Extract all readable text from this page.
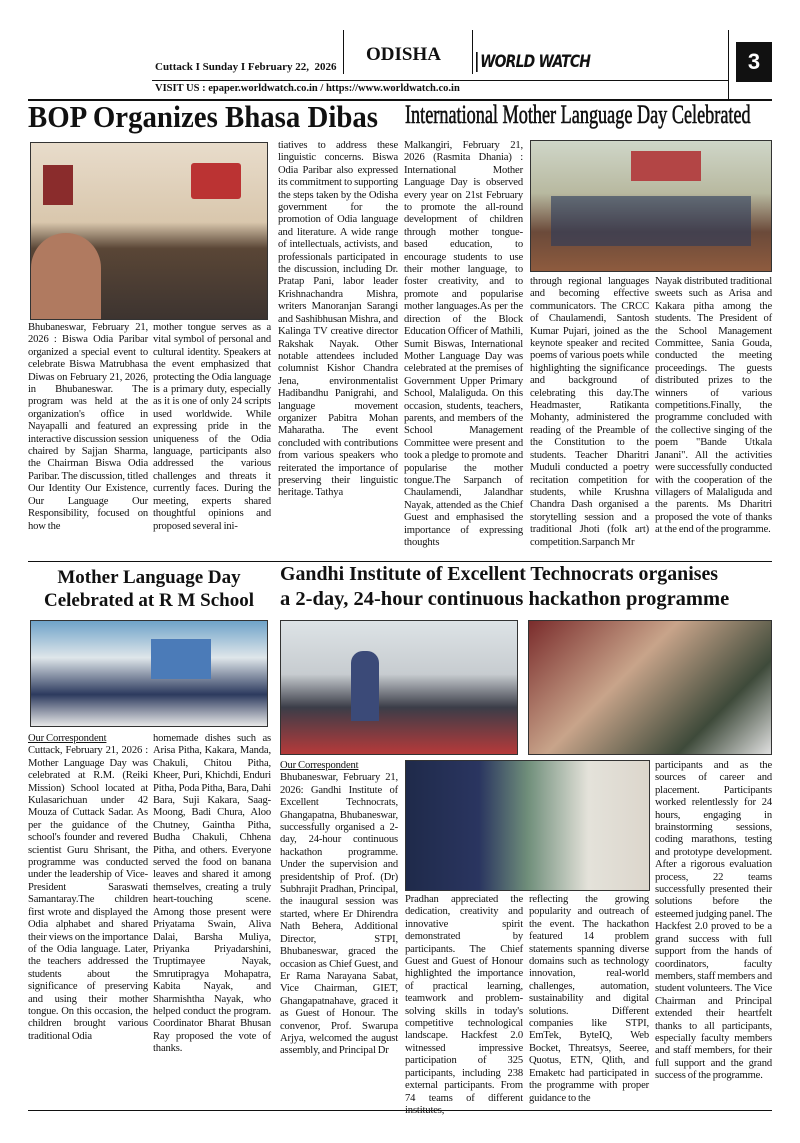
Cuttack I Sunday I February 22,  2026
ODISHA WORLD WATCH	3
VISIT US : epaper.worldwatch.co.in / https://www.worldwatch.co.in
BOP Organizes Bhasa Dibas
Bhubaneswar, February 21, 2026 : Biswa Odia Paribar organized a special event to celebrate Biswa Matrubhasa Diwas on February 21, 2026, in Bhubaneswar. The program was held at the organization's office in Nayapalli and featured an interactive discussion session chaired by Sajjan Sharma, the Chairman Biswa Odia Paribar. The discussion, titled Our Identity Our Existence, Our Language Our Responsibility, focused on how the
mother tongue serves as a vital symbol of personal and cultural identity. Speakers at the event emphasized that protecting the Odia language is a primary duty, especially as it is one of only 24 scripts used worldwide. While expressing pride in the uniqueness of the Odia language, participants also addressed the various challenges and threats it currently faces. During the meeting, experts shared thoughtful opinions and proposed several ini-
tiatives to address these linguistic concerns. Biswa Odia Paribar also expressed its commitment to supporting the steps taken by the Odisha government for the promotion of Odia language and literature. A wide range of intellectuals, activists, and professionals participated in the discussion, including Dr. Pratap Pani, labor leader Krishnachandra Mishra, writers Manoranjan Sarangi and Sashibhusan Mishra, and Kalinga TV creative director Rakshak Nayak. Other notable attendees included columnist Kishor Chandra Jena, environmentalist Hadibandhu Panigrahi, and language movement organizer Pabitra Mohan Maharatha. The event concluded with contributions from various speakers who reiterated the importance of preserving their linguistic heritage. Tathya
International Mother Language Day Celebrated
Malkangiri, February 21, 2026 (Rasmita Dhania) : International Mother Language Day is observed every year on 21st February to promote the all-round development of children through mother tongue-based education, to encourage students to use their mother language, to foster creativity, and to promote and popularise mother languages.As per the direction of the Block Education Officer of Mathili, Sumit Biswas, International Mother Language Day was celebrated at the premises of Government Upper Primary School, Malaliguda. On this occasion, students, teachers, parents, and members of the School Management Committee were present and took a pledge to promote and popularise the mother tongue.The Sarpanch of Chaulamendi, Jalandhar Nayak, attended as the Chief Guest and emphasised the importance of expressing thoughts
through regional languages and becoming effective communicators. The CRCC of Chaulamendi, Santosh Kumar Pujari, joined as the keynote speaker and recited poems of various poets while highlighting the significance and background of celebrating this day.The Headmaster, Ratikanta Mohanty, administered the reading of the Preamble of the Constitution to the students. Teacher Dharitri Muduli conducted a poetry recitation competition for students, while Krushna Chandra Dash organised a storytelling session and a traditional Jhoti (folk art) competition.Sarpanch Mr
Nayak distributed traditional sweets such as Arisa and Kakara pitha among the students. The President of the School Management Committee, Sania Gouda, conducted the meeting proceedings. The guests distributed prizes to the winners of various competitions.Finally, the programme concluded with the collective singing of the poem "Bande Utkala Janani". All the activities were successfully conducted with the cooperation of the villagers of Malaliguda and the parents. Ms Dharitri proposed the vote of thanks at the end of the programme.
Mother Language Day
Celebrated at R M School
Our Correspondent
Cuttack, February 21, 2026 : Mother Language Day was celebrated at R.M. (Reiki Mission) School located at Kulasarichuan under 42 Mouza of Cuttack Sadar. As per the guidance of the school's founder and revered scientist Guru Shrisant, the programme was conducted under the leadership of Vice-President Saraswati Samantaray.The children first wrote and displayed the Odia alphabet and shared their views on the importance of the Odia language. Later, the teachers addressed the students about the significance of preserving and using their mother tongue. On this occasion, the children brought various traditional Odia
homemade dishes such as Arisa Pitha, Kakara, Manda, Chakuli, Chitou Pitha, Kheer, Puri, Khichdi, Enduri Pitha, Poda Pitha, Bara, Dahi Bara, Suji Kakara, Saag-Moong, Badi Chura, Aloo Chutney, Gaintha Pitha, Budha Chakuli, Chhena Pitha, and others. Everyone served the food on banana leaves and shared it among themselves, creating a truly heart-touching scene. Among those present were Priyatama Swain, Aliva Dalai, Barsha Muliya, Priyanka Priyadarshini, Truptimayee Nayak, Smrutipragya Mohapatra, Kabita Nayak, and Sharmishtha Nayak, who helped conduct the program. Coordinator Bharat Bhusan Ray proposed the vote of thanks.
Gandhi Institute of Excellent Technocrats organises
a 2-day, 24-hour continuous hackathon programme
Our Correspondent
Bhubaneswar, February 21, 2026: Gandhi Institute of Excellent Technocrats, Ghangapatna, Bhubaneswar, successfully organised a 2-day, 24-hour continuous hackathon programme. Under the supervision and presidentship of Prof. (Dr) Subhrajit Pradhan, Principal, the inaugural session was started, where Er Dhirendra Nath Behera, Additional Director, STPI, Bhubaneswar, graced the occasion as Chief Guest, and Er Rama Narayana Sabat, Vice Chairman, GIET, Ghangapatnahave, graced it as Guest of Honour. The convenor, Prof. Swarupa Arjya, welcomed the august assembly, and Principal Dr
Pradhan appreciated the dedication, creativity and innovative spirit demonstrated by participants. The Chief Guest and Guest of Honour highlighted the importance of practical learning, teamwork and problem-solving skills in today's competitive technological landscape. Hackfest 2.0 witnessed impressive participation of 325 participants, including 238 external participants. From 74 teams of different
reflecting the growing popularity and outreach of the event. The hackathon featured 14 problem statements spanning diverse domains such as technology innovation, real-world challenges, automation, sustainability and digital solutions. Different companies like STPI, EmTek, ByteIQ, Web Bocket, Threatsys, Seeree, Quotus, ETN, Qlith, and Emaketc had participated in the programme with proper guidance to the
participants and as the sources of career and placement. Participants worked relentlessly for 24 hours, engaging in brainstorming sessions, coding marathons, testing and prototype development. After a rigorous evaluation process, 22 teams successfully presented their solutions before the esteemed judging panel. The Hackfest 2.0 proved to be a grand success with full support from the hands of coordinators, faculty members, staff members and student volunteers. The Vice Chairman and Principal extended their heartfelt thanks to all participants, especially faculty members and staff members, for their full support and the grand success of the programme.
